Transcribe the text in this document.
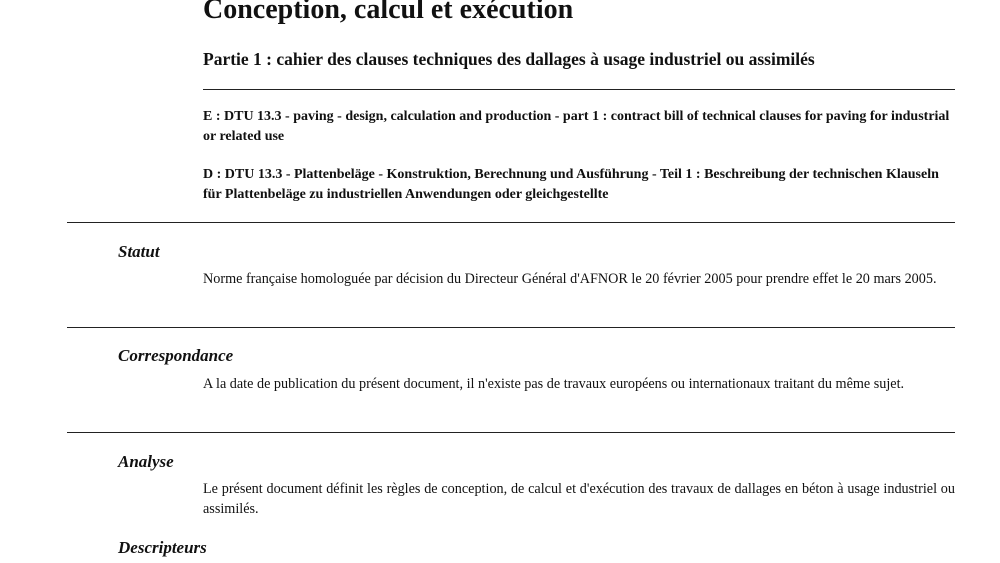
Conception, calcul et exécution
Partie 1 : cahier des clauses techniques des dallages à usage industriel ou assimilés

E : DTU 13.3 - paving - design, calculation and production - part 1 : contract bill of technical clauses for paving for industrial or related use

D : DTU 13.3 - Plattenbeläge - Konstruktion, Berechnung und Ausführung - Teil 1 : Beschreibung der technischen Klauseln für Plattenbeläge zu industriellen Anwendungen oder gleichgestellte

Statut

Norme française homologuée par décision du Directeur Général d'AFNOR le 20 février 2005 pour prendre effet le 20 mars 2005.

Correspondance

A la date de publication du présent document, il n'existe pas de travaux européens ou internationaux traitant du même sujet.

Analyse

Le présent document définit les règles de conception, de calcul et d'exécution des travaux de dallages en béton à usage industriel ou assimilés.

Descripteurs
